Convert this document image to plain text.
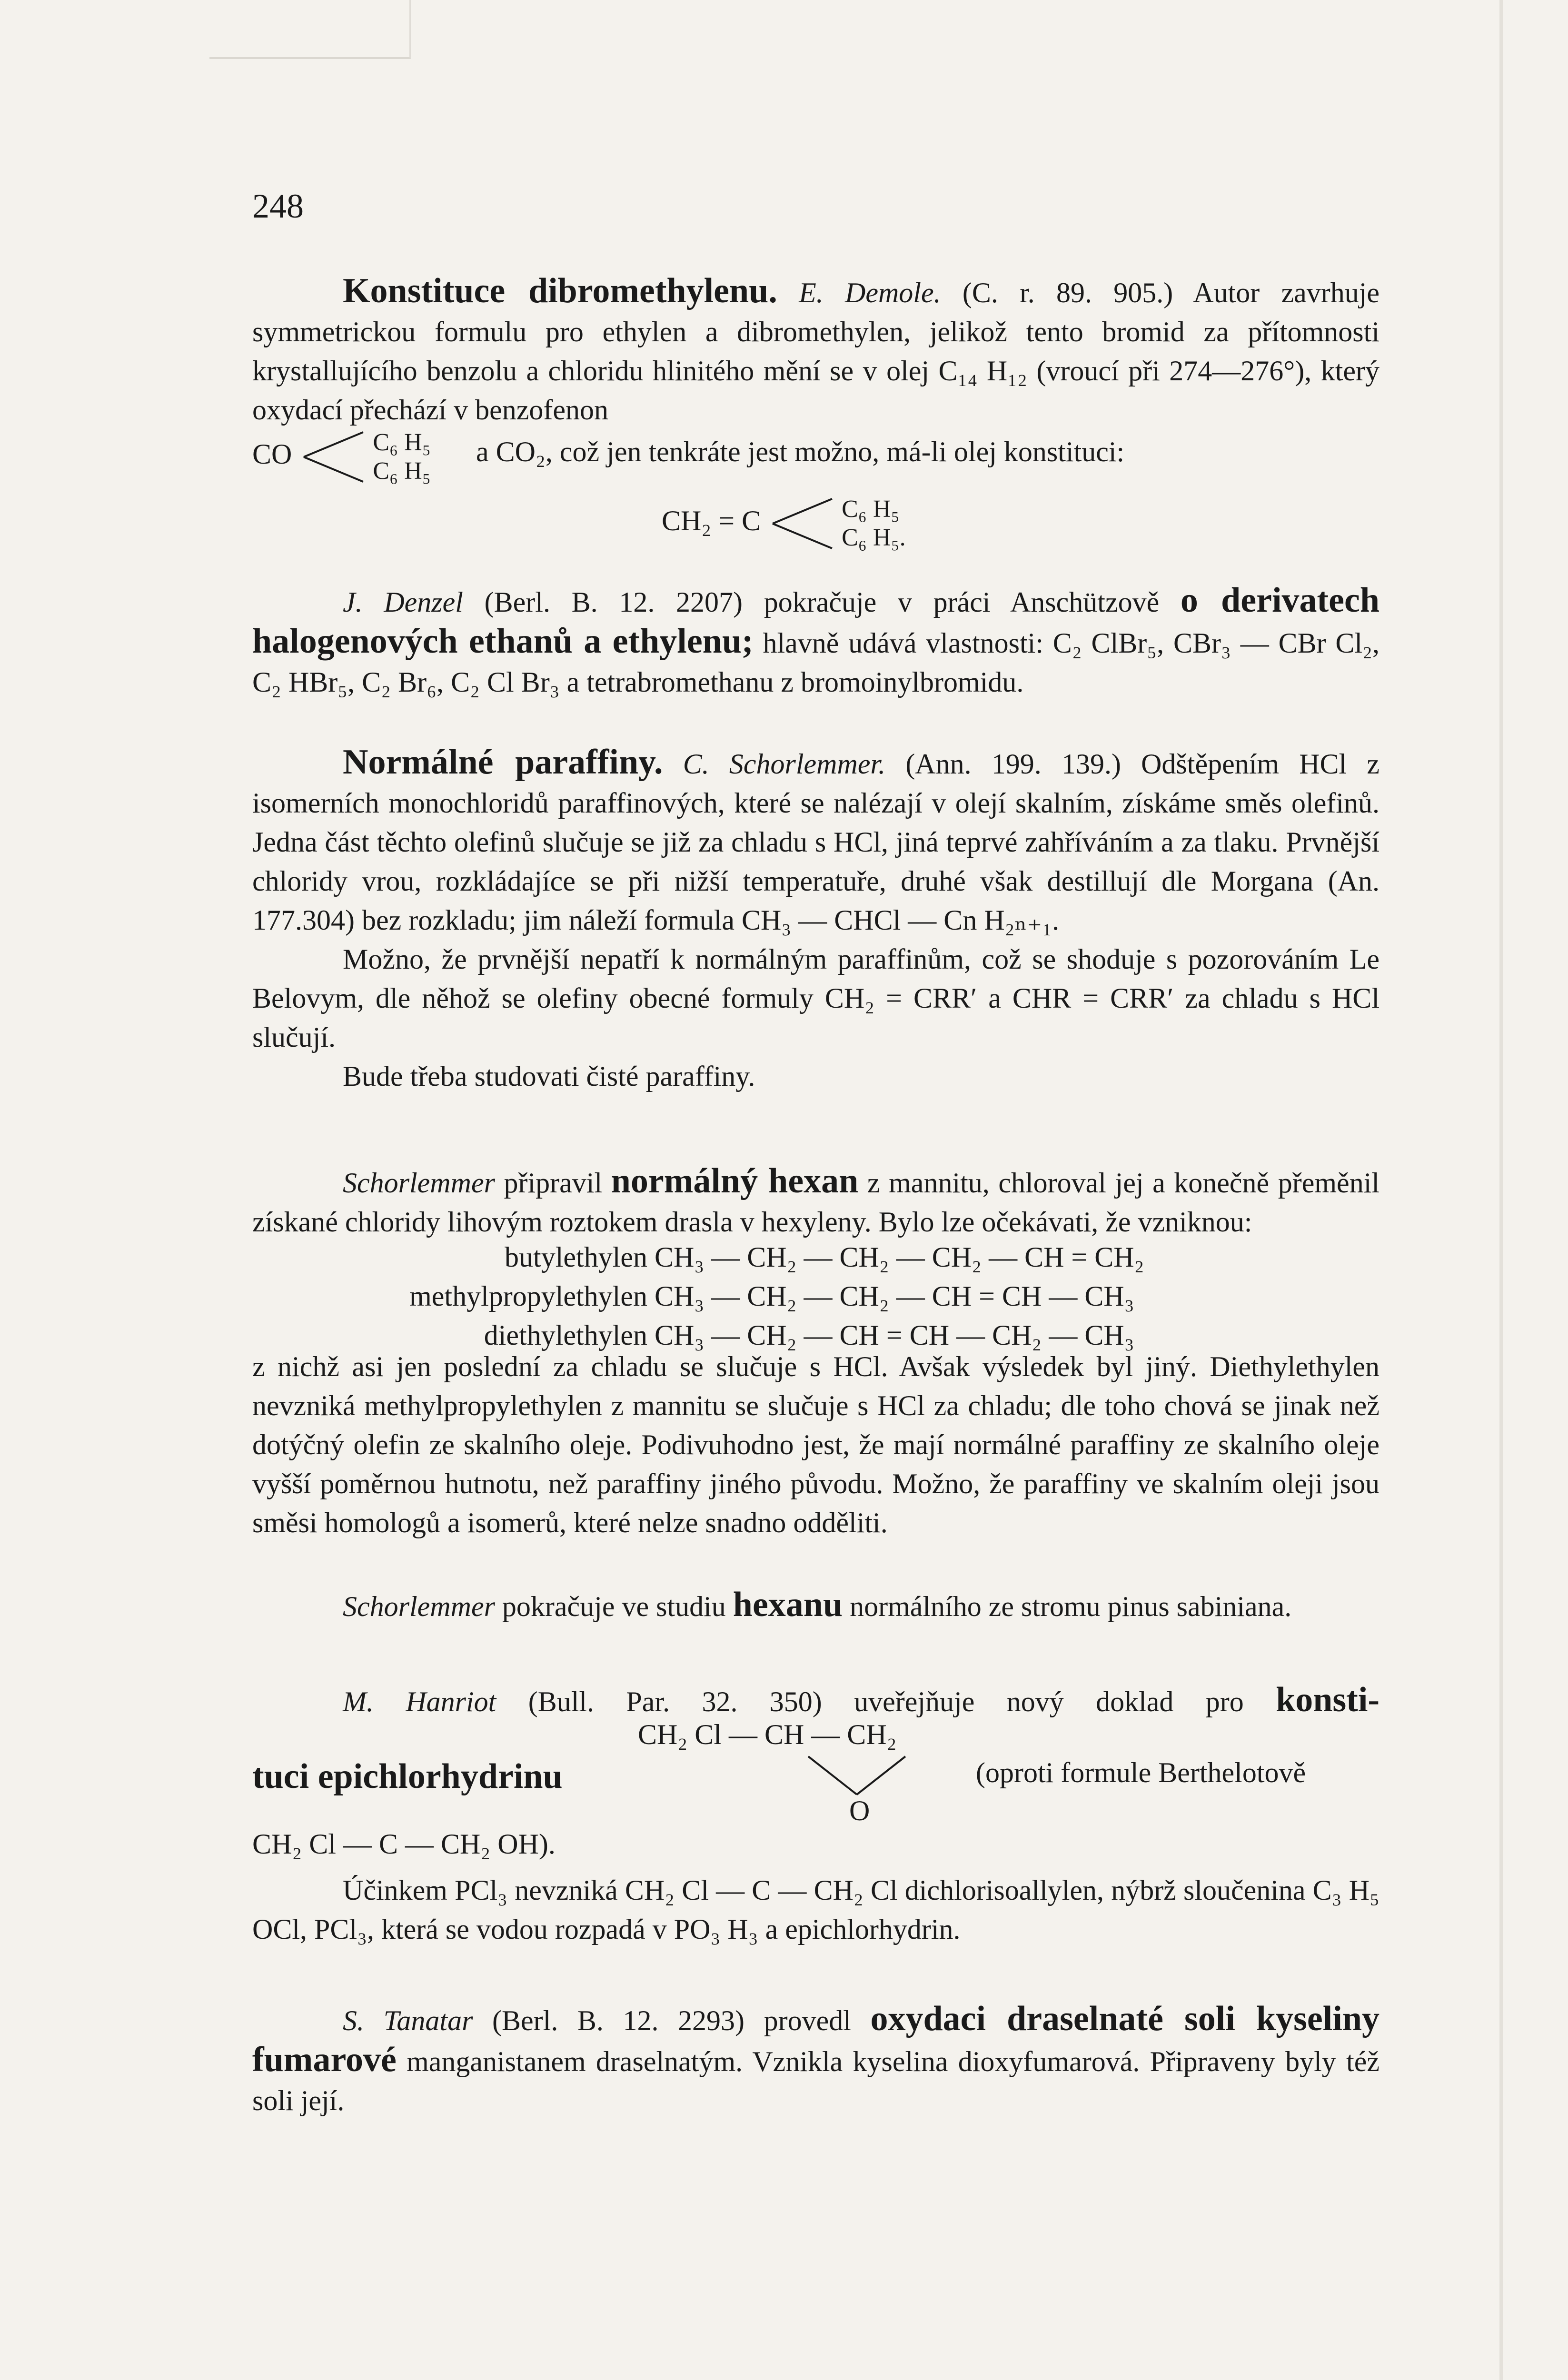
248

Konstituce dibromethylenu. E. Demole. (C. r. 89. 905.) Autor zavrhuje symmetrickou formulu pro ethylen a dibromethylen, jelikož tento bromid za přítomnosti krystallujícího benzolu a chloridu hlinitého mění se v olej C₁₄ H₁₂ (vroucí při 274—276°), který oxydací přechází v benzofenon

CO	C₆ H₅
C₆ H₅
a CO₂, což jen tenkráte jest možno, má-li olej konstituci:
CH₂ = C	C₆ H₅
C₆ H₅.

J. Denzel (Berl. B. 12. 2207) pokračuje v práci Anschützově o derivatech halogenových ethanů a ethylenu; hlavně udává vlastnosti: C₂ ClBr₅, CBr₃ — CBr Cl₂, C₂ HBr₅, C₂ Br₆, C₂ Cl Br₃ a tetrabromethanu z bromoinylbromidu.

Normálné paraffiny. C. Schorlemmer. (Ann. 199. 139.) Odštěpením HCl z isomerních monochloridů paraffinových, které se nalézají v olejí skalním, získáme směs olefinů. Jedna část těchto olefinů slučuje se již za chladu s HCl, jiná teprvé zahříváním a za tlaku. Prvnější chloridy vrou, rozkládajíce se při nižší temperatuře, druhé však destillují dle Morgana (An. 177.304) bez rozkladu; jim náleží formula CH₃ — CHCl — Cn H₂ₙ₊₁.

Možno, že prvnější nepatří k normálným paraffinům, což se shoduje s pozorováním Le Belovym, dle něhož se olefiny obecné formuly CH₂ = CRR′ a CHR = CRR′ za chladu s HCl slučují.

Bude třeba studovati čisté paraffiny.

Schorlemmer připravil normálný hexan z mannitu, chloroval jej a konečně přeměnil získané chloridy lihovým roztokem drasla v hexyleny. Bylo lze očekávati, že vzniknou:

butylethylen CH₃ — CH₂ — CH₂ — CH₂ — CH = CH₂
methylpropylethylen CH₃ — CH₂ — CH₂ — CH = CH — CH₃
diethylethylen CH₃ — CH₂ — CH = CH — CH₂ — CH₃

z nichž asi jen poslední za chladu se slučuje s HCl. Avšak výsledek byl jiný. Diethylethylen nevzniká methylpropylethylen z mannitu se slučuje s HCl za chladu; dle toho chová se jinak než dotýčný olefin ze skalního oleje. Podivuhodno jest, že mají normálné paraffiny ze skalního oleje vyšší poměrnou hutnotu, než paraffiny jiného původu. Možno, že paraffiny ve skalním oleji jsou směsi homologů a isomerů, které nelze snadno odděliti.

Schorlemmer pokračuje ve studiu hexanu normálního ze stromu pinus sabiniana.

M. Hanriot (Bull. Par. 32. 350) uveřejňuje nový doklad pro konsti-

CH₂ Cl — CH — CH₂
tuci epichlorhydrinu
O
(oproti formule Berthelotově
CH₂ Cl — C — CH₂ OH).

Účinkem PCl₃ nevzniká CH₂ Cl — C — CH₂ Cl dichlorisoallylen, nýbrž sloučenina C₃ H₅ OCl, PCl₃, která se vodou rozpadá v PO₃ H₃ a epichlorhydrin.

S. Tanatar (Berl. B. 12. 2293) provedl oxydaci draselnaté soli kyseliny fumarové manganistanem draselnatým. Vznikla kyselina dioxyfumarová. Připraveny byly též soli její.
